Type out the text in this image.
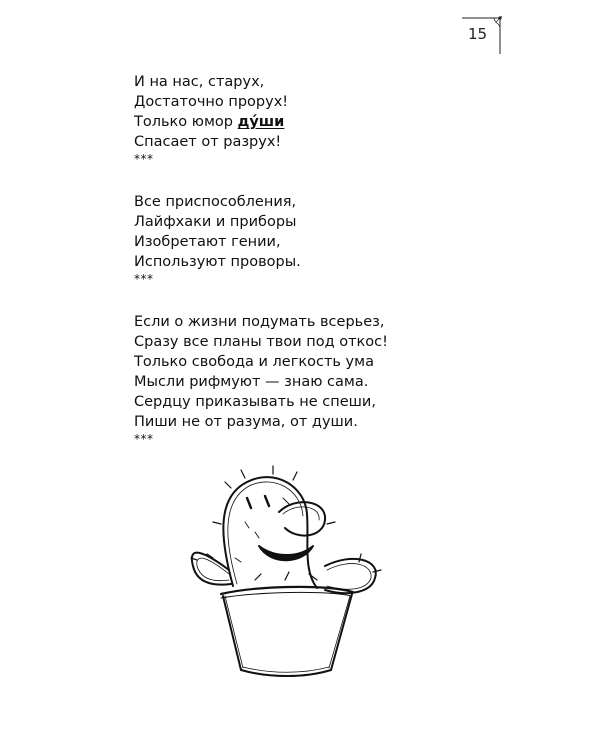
15
И на нас, старух,
Достаточно прорух!
Только юмор ду́ши
Спасает от разрух!
***
Все приспособления,
Лайфхаки и приборы
Изобретают гении,
Используют проворы.
***
Если о жизни подумать всерьез,
Сразу все планы твои под откос!
Только свобода и легкость ума
Мысли рифмуют — знаю сама.
Сердцу приказывать не спеши,
Пиши не от разума, от души.
***
